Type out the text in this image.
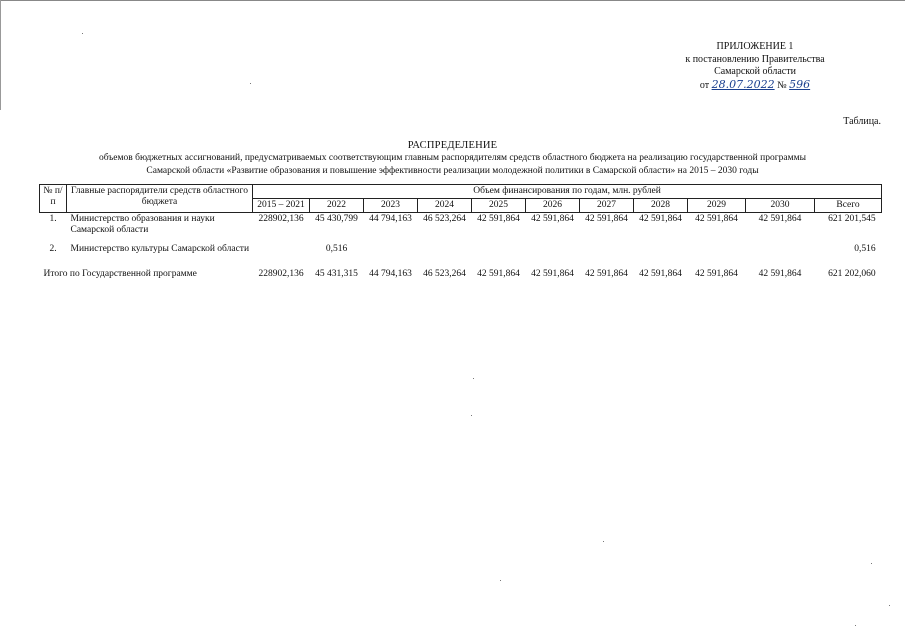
ПРИЛОЖЕНИЕ 1
к постановлению Правительства
Самарской области
от 28.07.2022 № 596
Таблица.
РАСПРЕДЕЛЕНИЕ
объемов бюджетных ассигнований, предусматриваемых соответствующим главным распорядителям средств областного бюджета на реализацию государственной программы
Самарской области «Развитие образования и повышение эффективности реализации молодежной политики в Самарской области» на 2015 – 2030 годы
№ п/п	Главные распорядители средств областного бюджета	Объем финансирования по годам, млн. рублей										
		2015 – 2021	2022	2023	2024	2025	2026	2027	2028	2029	2030	Всего
1.	Министерство образования и науки Самарской области	228902,136	45 430,799	44 794,163	46 523,264	42 591,864	42 591,864	42 591,864	42 591,864	42 591,864	42 591,864	621 201,545

2.	Министерство культуры Самарской области		0,516									0,516

Итого по Государственной программе		228902,136	45 431,315	44 794,163	46 523,264	42 591,864	42 591,864	42 591,864	42 591,864	42 591,864	42 591,864	621 202,060
